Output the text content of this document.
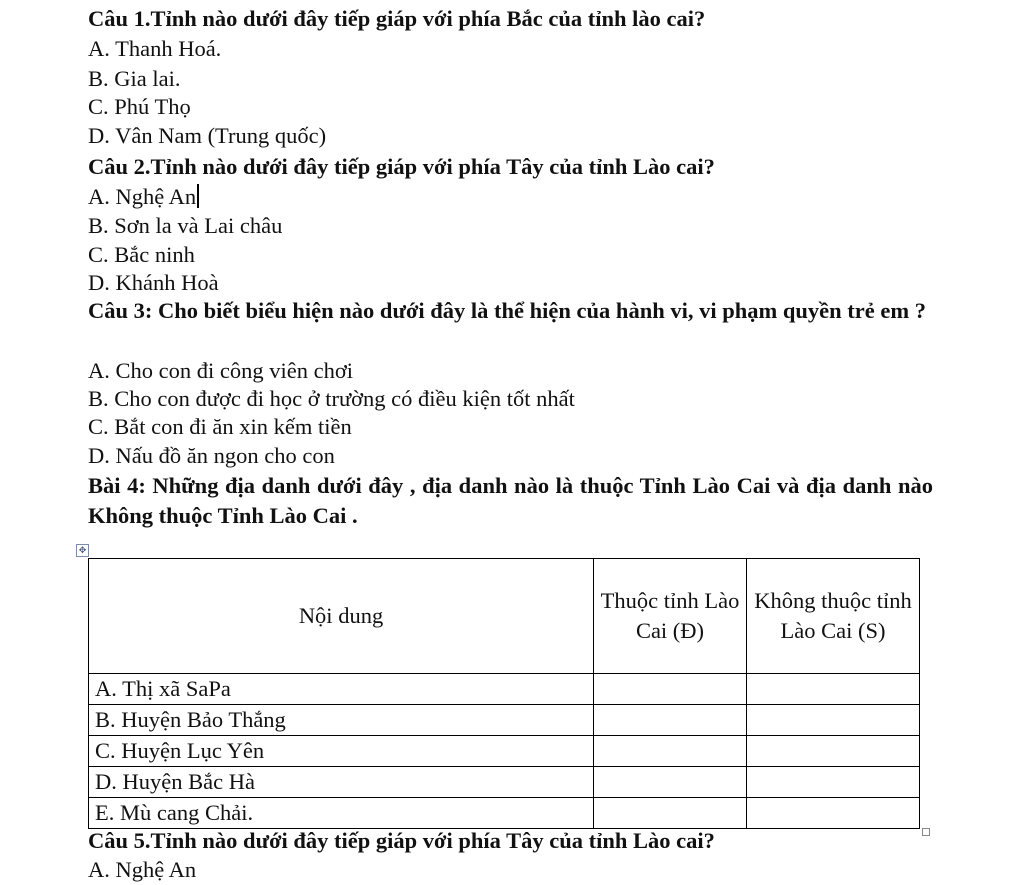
Câu 1.Tỉnh nào dưới đây tiếp giáp với phía Bắc của tỉnh lào cai?
A. Thanh Hoá.
B. Gia lai.
C. Phú Thọ
D. Vân Nam (Trung quốc)
Câu 2.Tỉnh nào dưới đây tiếp giáp với phía Tây của tỉnh Lào cai?
A. Nghệ An
B. Sơn la và Lai châu
C. Bắc ninh
D. Khánh Hoà
Câu 3: Cho biết biểu hiện nào dưới đây là thể hiện của hành vi, vi phạm quyền trẻ em ?
A. Cho con đi công viên chơi
B. Cho con được đi học ở trường có điều kiện tốt nhất
C. Bắt con đi ăn xin kếm tiền
D. Nấu đồ ăn ngon cho con
Bài 4: Những địa danh dưới đây , địa danh nào là thuộc Tỉnh Lào Cai và địa danh nào Không thuộc Tỉnh Lào Cai .
✥
Nội dung	Thuộc tỉnh Lào Cai (Đ)	Không thuộc tỉnh Lào Cai (S)
A. Thị xã SaPa		
B. Huyện Bảo Thắng		
C. Huyện Lục Yên		
D. Huyện Bắc Hà		
E. Mù cang Chải.		
Câu 5.Tỉnh nào dưới đây tiếp giáp với phía Tây của tỉnh Lào cai?
A. Nghệ An
